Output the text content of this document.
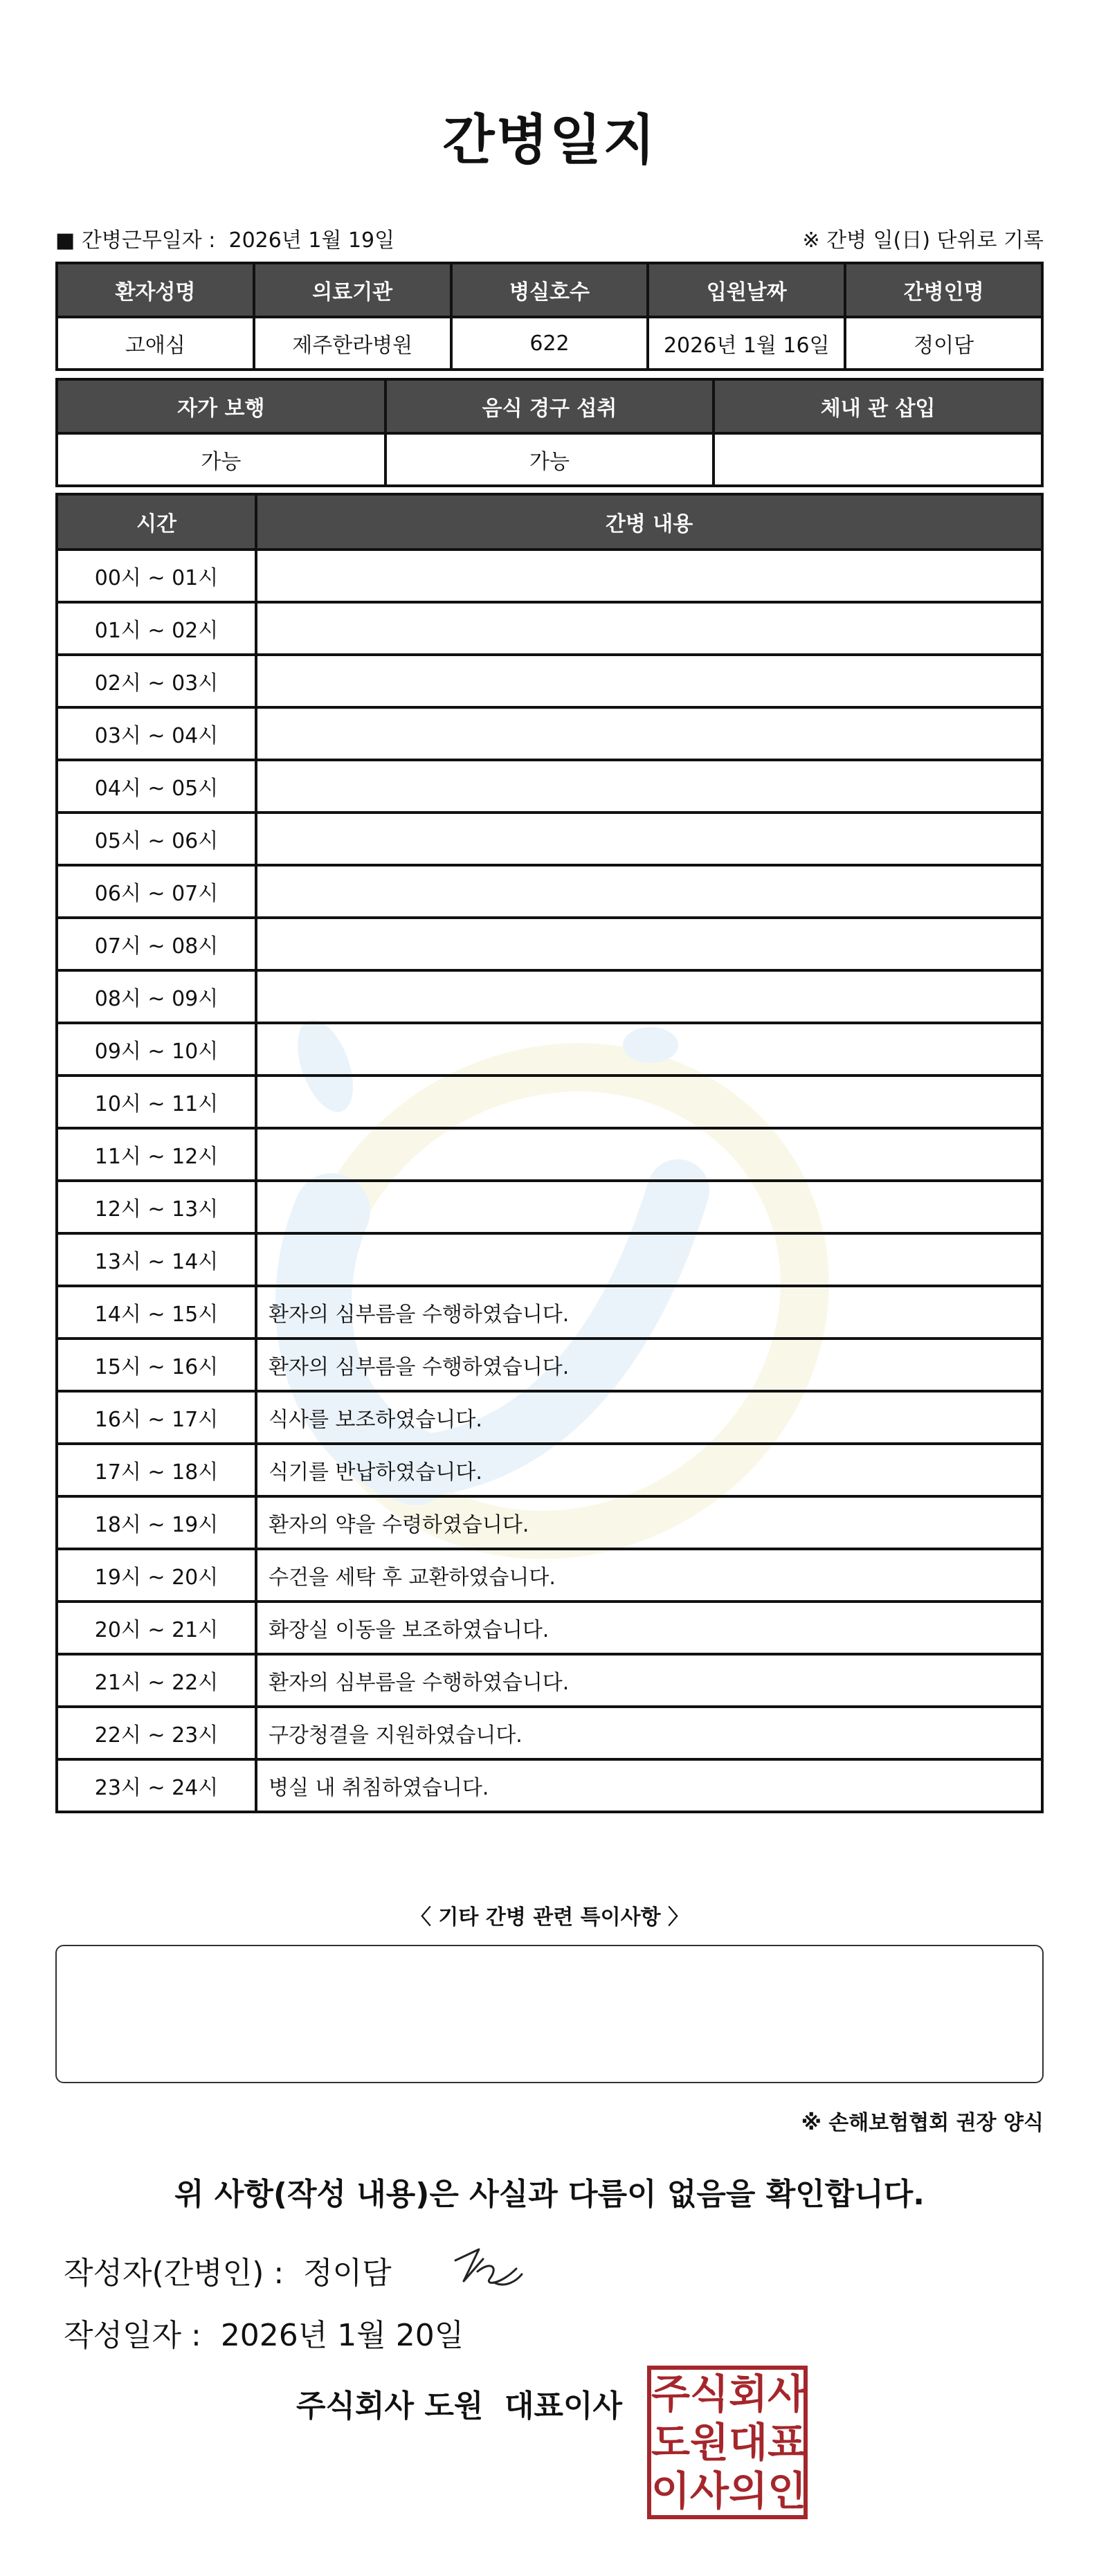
간병일지
■ 간병근무일자 : 2026년 1월 19일	※ 간병 일(日) 단위로 기록
환자성명	의료기관	병실호수	입원날짜	간병인명
고애심	제주한라병원	622	2026년 1월 16일	정이담
자가 보행	음식 경구 섭취	체내 관 삽입
가능	가능	
시간	간병 내용
00시 ~ 01시	
01시 ~ 02시	
02시 ~ 03시	
03시 ~ 04시	
04시 ~ 05시	
05시 ~ 06시	
06시 ~ 07시	
07시 ~ 08시	
08시 ~ 09시	
09시 ~ 10시	
10시 ~ 11시	
11시 ~ 12시	
12시 ~ 13시	
13시 ~ 14시	
14시 ~ 15시	환자의 심부름을 수행하였습니다.
15시 ~ 16시	환자의 심부름을 수행하였습니다.
16시 ~ 17시	식사를 보조하였습니다.
17시 ~ 18시	식기를 반납하였습니다.
18시 ~ 19시	환자의 약을 수령하였습니다.
19시 ~ 20시	수건을 세탁 후 교환하였습니다.
20시 ~ 21시	화장실 이동을 보조하였습니다.
21시 ~ 22시	환자의 심부름을 수행하였습니다.
22시 ~ 23시	구강청결을 지원하였습니다.
23시 ~ 24시	병실 내 취침하였습니다.
〈 기타 간병 관련 특이사항 〉
※ 손해보험협회 권장 양식
위 사항(작성 내용)은 사실과 다름이 없음을 확인합니다.
작성자(간병인) : 정이담
작성일자 : 2026년 1월 20일
주식회사 도원  대표이사 주 식 회 사
도 원 대 표
이 사 의 인
